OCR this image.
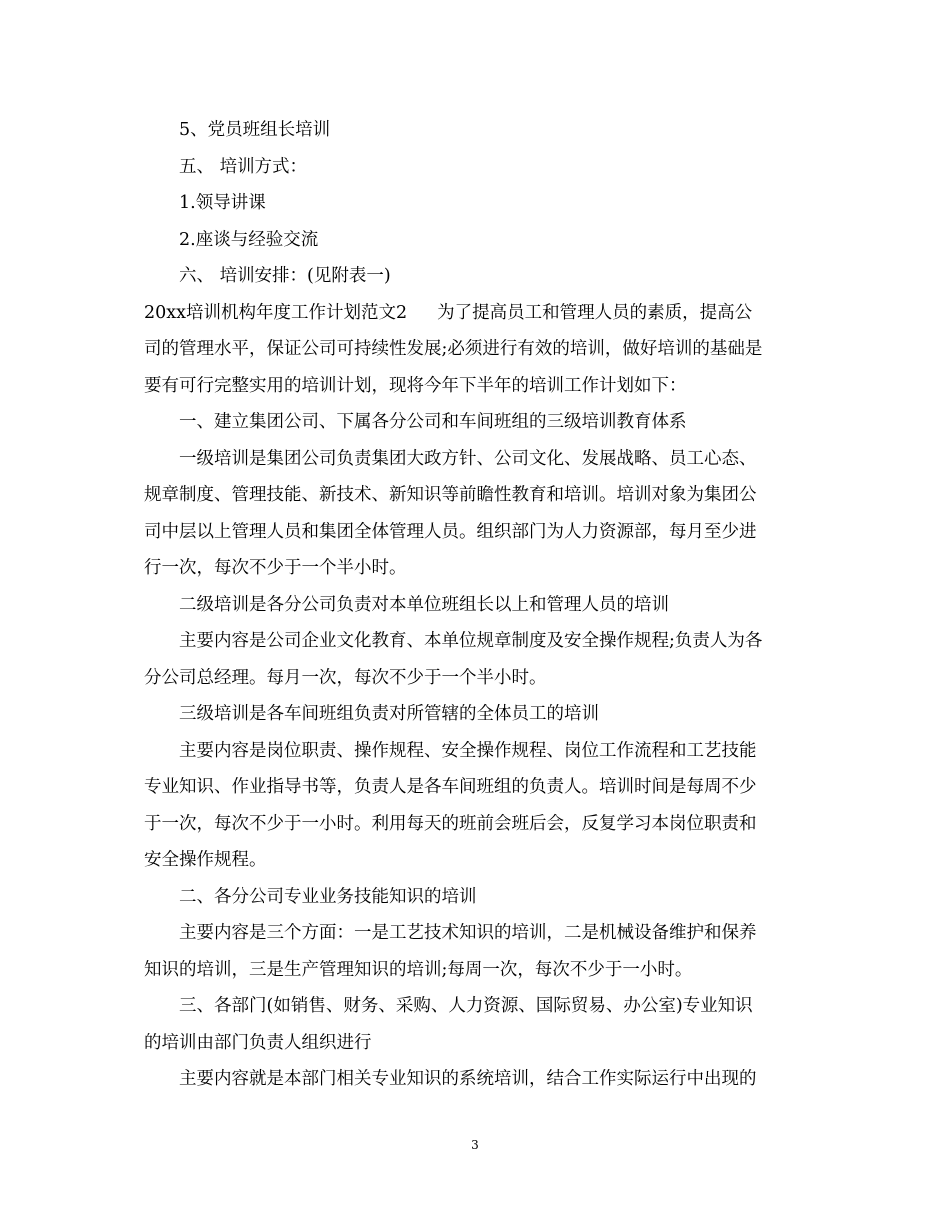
5、党员班组长培训
五、 培训方式：
1.领导讲课
2.座谈与经验交流
六、 培训安排：(见附表一)
20xx培训机构年度工作计划范文2 为了提高员工和管理人员的素质，提高公
司的管理水平，保证公司可持续性发展;必须进行有效的培训，做好培训的基础是
要有可行完整实用的培训计划，现将今年下半年的培训工作计划如下：
一、建立集团公司、下属各分公司和车间班组的三级培训教育体系
一级培训是集团公司负责集团大政方针、公司文化、发展战略、员工心态、
规章制度、管理技能、新技术、新知识等前瞻性教育和培训。培训对象为集团公
司中层以上管理人员和集团全体管理人员。组织部门为人力资源部，每月至少进
行一次，每次不少于一个半小时。
二级培训是各分公司负责对本单位班组长以上和管理人员的培训
主要内容是公司企业文化教育、本单位规章制度及安全操作规程;负责人为各
分公司总经理。每月一次，每次不少于一个半小时。
三级培训是各车间班组负责对所管辖的全体员工的培训
主要内容是岗位职责、操作规程、安全操作规程、岗位工作流程和工艺技能
专业知识、作业指导书等，负责人是各车间班组的负责人。培训时间是每周不少
于一次，每次不少于一小时。利用每天的班前会班后会，反复学习本岗位职责和
安全操作规程。
二、各分公司专业业务技能知识的培训
主要内容是三个方面：一是工艺技术知识的培训，二是机械设备维护和保养
知识的培训，三是生产管理知识的培训;每周一次，每次不少于一小时。
三、各部门(如销售、财务、采购、人力资源、国际贸易、办公室)专业知识
的培训由部门负责人组织进行
主要内容就是本部门相关专业知识的系统培训，结合工作实际运行中出现的
3
